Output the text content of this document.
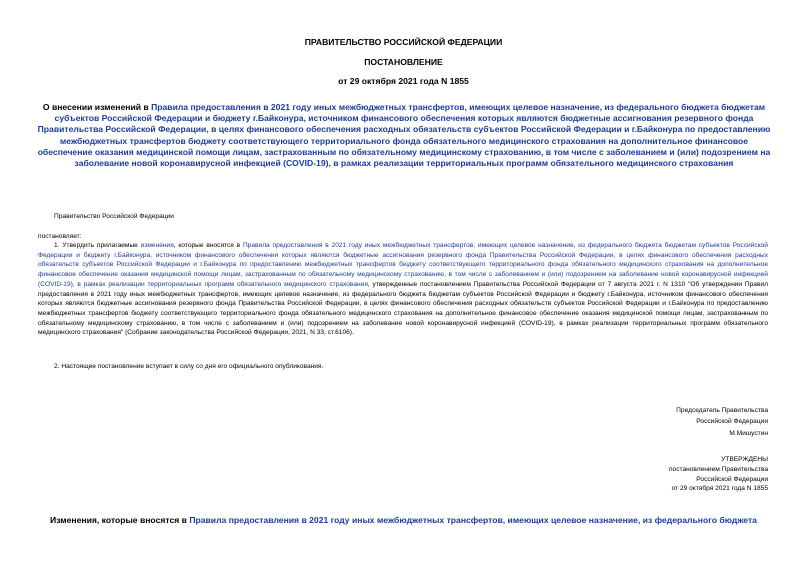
ПРАВИТЕЛЬСТВО РОССИЙСКОЙ ФЕДЕРАЦИИ
ПОСТАНОВЛЕНИЕ
от 29 октября 2021 года N 1855
О внесении изменений в Правила предоставления в 2021 году иных межбюджетных трансфертов, имеющих целевое назначение, из федерального бюджета бюджетам субъектов Российской Федерации и бюджету г.Байконура, источником финансового обеспечения которых являются бюджетные ассигнования резервного фонда Правительства Российской Федерации, в целях финансового обеспечения расходных обязательств субъектов Российской Федерации и г.Байконура по предоставлению межбюджетных трансфертов бюджету соответствующего территориального фонда обязательного медицинского страхования на дополнительное финансовое обеспечение оказания медицинской помощи лицам, застрахованным по обязательному медицинскому страхованию, в том числе с заболеванием и (или) подозрением на заболевание новой коронавирусной инфекцией (COVID-19), в рамках реализации территориальных программ обязательного медицинского страхования
Правительство Российской Федерации
постановляет:
1. Утвердить прилагаемые изменения, которые вносятся в Правила предоставления в 2021 году иных межбюджетных трансфертов, имеющих целевое назначение, из федерального бюджета бюджетам субъектов Российской Федерации и бюджету г.Байконура, источником финансового обеспечения которых являются бюджетные ассигнования резервного фонда Правительства Российской Федерации, в целях финансового обеспечения расходных обязательств субъектов Российской Федерации и г.Байконура по предоставлению межбюджетных трансфертов бюджету соответствующего территориального фонда обязательного медицинского страхования на дополнительное финансовое обеспечение оказания медицинской помощи лицам, застрахованным по обязательному медицинскому страхованию, в том числе с заболеванием и (или) подозрением на заболевание новой коронавирусной инфекцией (COVID-19), в рамках реализации территориальных программ обязательного медицинского страхования, утвержденные постановлением Правительства Российской Федерации от 7 августа 2021 г. N 1310 "Об утверждении Правил предоставления в 2021 году иных межбюджетных трансфертов, имеющих целевое назначение, из федерального бюджета бюджетам субъектов Российской Федерации и бюджету г.Байконура, источником финансового обеспечения которых являются бюджетные ассигнования резервного фонда Правительства Российской Федерации, в целях финансового обеспечения расходных обязательств субъектов Российской Федерации и г.Байконура по предоставлению межбюджетных трансфертов бюджету соответствующего территориального фонда обязательного медицинского страхования на дополнительное финансовое обеспечение оказания медицинской помощи лицам, застрахованным по обязательному медицинскому страхованию, в том числе с заболеванием и (или) подозрением на заболевание новой коронавирусной инфекцией (COVID-19), в рамках реализации территориальных программ обязательного медицинского страхования" (Собрание законодательства Российской Федерации, 2021, N 33, ст.6106).
2. Настоящее постановление вступает в силу со дня его официального опубликования.
Председатель Правительства
Российской Федерации
М.Мишустин
УТВЕРЖДЕНЫ
постановлением Правительства
Российской Федерации
от 29 октября 2021 года N 1855
Изменения, которые вносятся в Правила предоставления в 2021 году иных межбюджетных трансфертов, имеющих целевое назначение, из федерального бюджета
